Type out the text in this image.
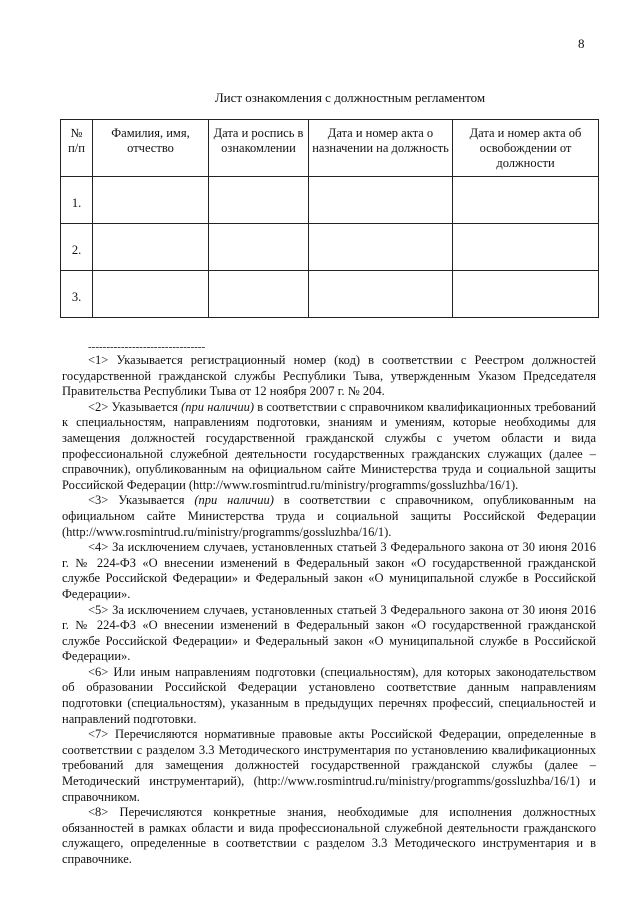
8
Лист ознакомления с должностным регламентом
№ п/п	Фамилия, имя, отчество	Дата и роспись в ознакомлении	Дата и номер акта о назначении на должность	Дата и номер акта об освобождении от должности
1.				
2.				
3.				
--------------------------------

<1> Указывается регистрационный номер (код) в соответствии с Реестром должностей государственной гражданской службы Республики Тыва, утвержденным Указом Председателя Правительства Республики Тыва от 12 ноября 2007 г. № 204.

<2> Указывается (при наличии) в соответствии с справочником квалификационных требований к специальностям, направлениям подготовки, знаниям и умениям, которые необходимы для замещения должностей государственной гражданской службы с учетом области и вида профессиональной служебной деятельности государственных гражданских служащих (далее – справочник), опубликованным на официальном сайте Министерства труда и социальной защиты Российской Федерации (http://www.rosmintrud.ru/ministry/programms/gossluzhba/16/1).

<3> Указывается (при наличии) в соответствии с справочником, опубликованным на официальном сайте Министерства труда и социальной защиты Российской Федерации (http://www.rosmintrud.ru/ministry/programms/gossluzhba/16/1).

<4> За исключением случаев, установленных статьей 3 Федерального закона от 30 июня 2016 г. № 224-ФЗ «О внесении изменений в Федеральный закон «О государственной гражданской службе Российской Федерации» и Федеральный закон «О муниципальной службе в Российской Федерации».

<5> За исключением случаев, установленных статьей 3 Федерального закона от 30 июня 2016 г. № 224-ФЗ «О внесении изменений в Федеральный закон «О государственной гражданской службе Российской Федерации» и Федеральный закон «О муниципальной службе в Российской Федерации».

<6> Или иным направлениям подготовки (специальностям), для которых законодательством об образовании Российской Федерации установлено соответствие данным направлениям подготовки (специальностям), указанным в предыдущих перечнях профессий, специальностей и направлений подготовки.

<7> Перечисляются нормативные правовые акты Российской Федерации, определенные в соответствии с разделом 3.3 Методического инструментария по установлению квалификационных требований для замещения должностей государственной гражданской службы (далее – Методический инструментарий), (http://www.rosmintrud.ru/ministry/programms/gossluzhba/16/1) и справочником.

<8> Перечисляются конкретные знания, необходимые для исполнения должностных обязанностей в рамках области и вида профессиональной служебной деятельности гражданского служащего, определенные в соответствии с разделом 3.3 Методического инструментария и в справочнике.
